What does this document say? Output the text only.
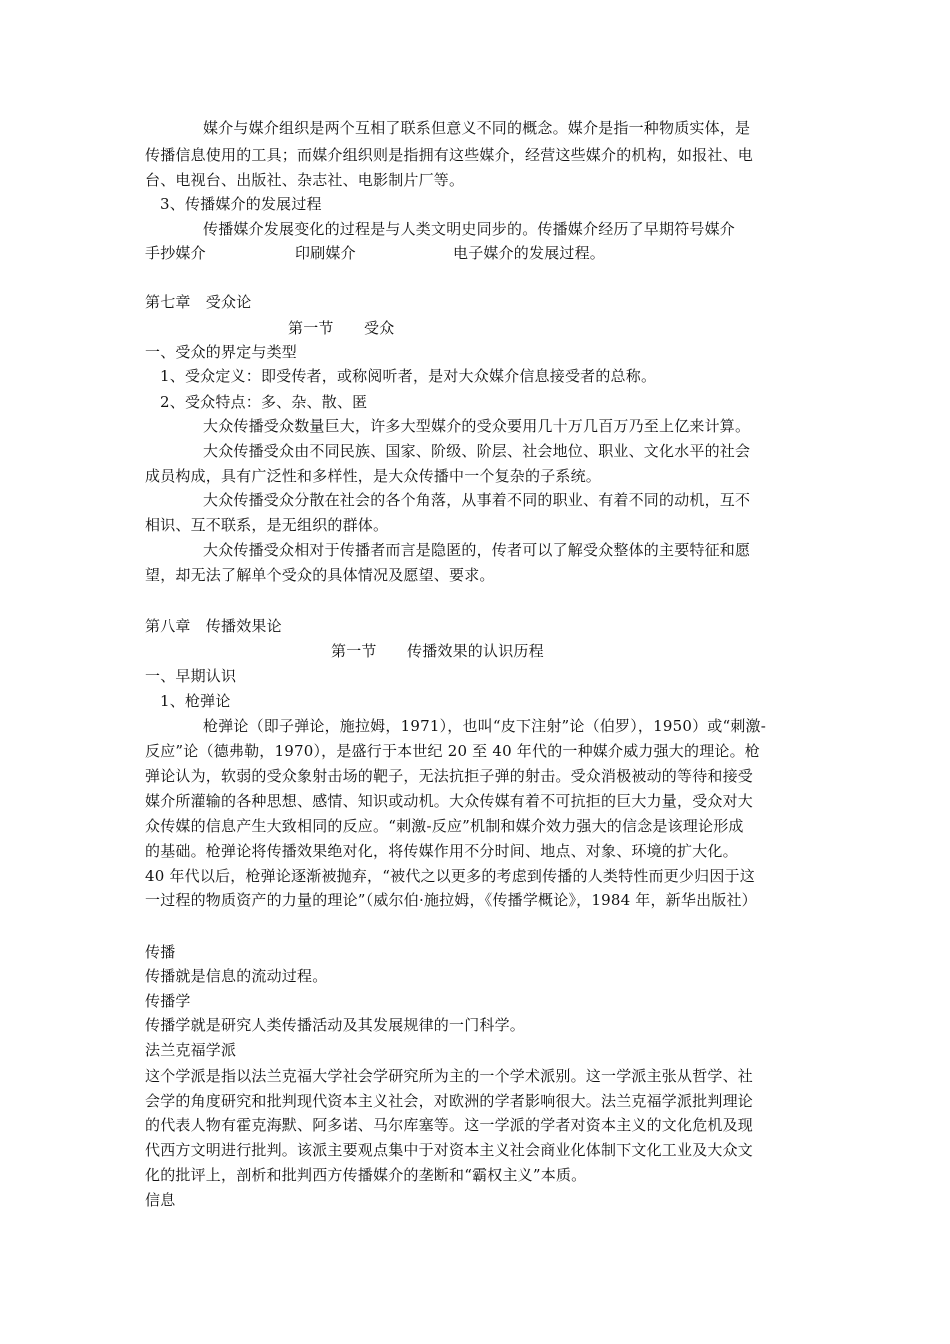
媒介与媒介组织是两个互相了联系但意义不同的概念。媒介是指一种物质实体，是
传播信息使用的工具；而媒介组织则是指拥有这些媒介，经营这些媒介的机构，如报社、电
台、电视台、出版社、杂志社、电影制片厂等。
3、传播媒介的发展过程
传播媒介发展变化的过程是与人类文明史同步的。传播媒介经历了早期符号媒介
手抄媒介	印刷媒介	电子媒介的发展过程。
第七章　受众论
第一节　　受众
一、受众的界定与类型
1、受众定义：即受传者，或称阅听者，是对大众媒介信息接受者的总称。
2、受众特点：多、杂、散、匿
大众传播受众数量巨大，许多大型媒介的受众要用几十万几百万乃至上亿来计算。
大众传播受众由不同民族、国家、阶级、阶层、社会地位、职业、文化水平的社会
成员构成，具有广泛性和多样性，是大众传播中一个复杂的子系统。
大众传播受众分散在社会的各个角落，从事着不同的职业、有着不同的动机，互不
相识、互不联系，是无组织的群体。
大众传播受众相对于传播者而言是隐匿的，传者可以了解受众整体的主要特征和愿
望，却无法了解单个受众的具体情况及愿望、要求。
第八章　传播效果论
第一节　　传播效果的认识历程
一、早期认识
1、枪弹论
枪弹论（即子弹论，施拉姆，1971），也叫“皮下注射”论（伯罗），1950）或“刺激-
反应”论（德弗勒，1970），是盛行于本世纪 20 至 40 年代的一种媒介威力强大的理论。枪
弹论认为，软弱的受众象射击场的靶子，无法抗拒子弹的射击。受众消极被动的等待和接受
媒介所灌输的各种思想、感情、知识或动机。大众传媒有着不可抗拒的巨大力量，受众对大
众传媒的信息产生大致相同的反应。“刺激-反应”机制和媒介效力强大的信念是该理论形成
的基础。枪弹论将传播效果绝对化，将传媒作用不分时间、地点、对象、环境的扩大化。
40 年代以后，枪弹论逐渐被抛弃，“被代之以更多的考虑到传播的人类特性而更少归因于这
一过程的物质资产的力量的理论”（威尔伯·施拉姆，《传播学概论》，1984 年，新华出版社）
传播
传播就是信息的流动过程。
传播学
传播学就是研究人类传播活动及其发展规律的一门科学。
法兰克福学派
这个学派是指以法兰克福大学社会学研究所为主的一个学术派别。这一学派主张从哲学、社
会学的角度研究和批判现代资本主义社会，对欧洲的学者影响很大。法兰克福学派批判理论
的代表人物有霍克海默、阿多诺、马尔库塞等。这一学派的学者对资本主义的文化危机及现
代西方文明进行批判。该派主要观点集中于对资本主义社会商业化体制下文化工业及大众文
化的批评上，剖析和批判西方传播媒介的垄断和“霸权主义”本质。
信息
